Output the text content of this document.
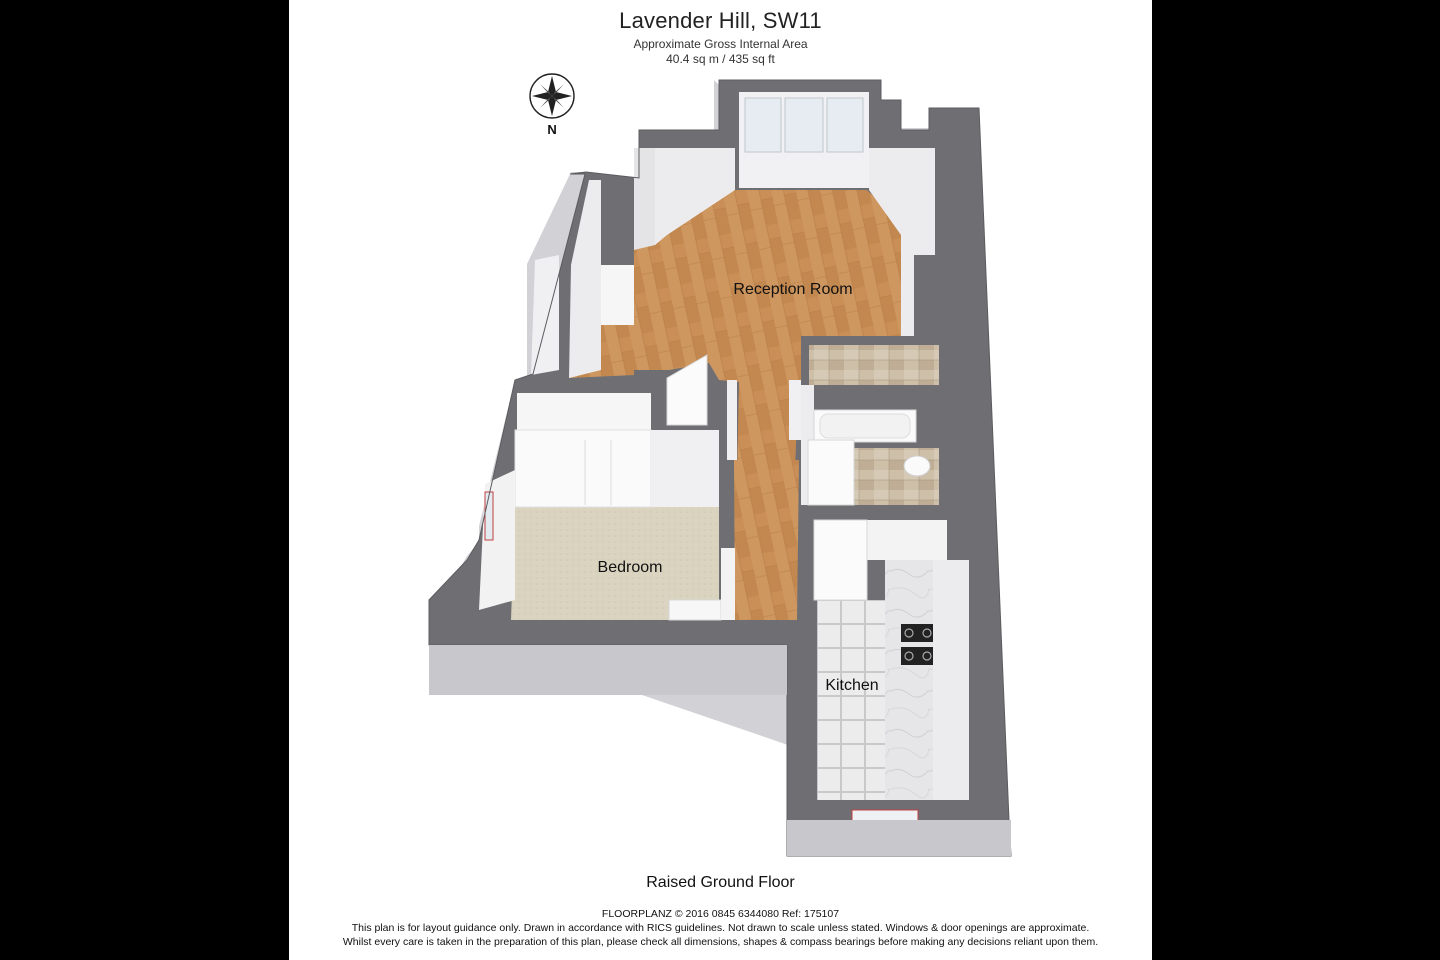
Lavender Hill, SW11
Approximate Gross Internal Area
40.4 sq m / 435 sq ft
Reception Room
Bedroom
Kitchen
N
Raised Ground Floor
FLOORPLANZ © 2016 0845 6344080 Ref: 175107
This plan is for layout guidance only. Drawn in accordance with RICS guidelines. Not drawn to scale unless stated. Windows & door openings are approximate.
Whilst every care is taken in the preparation of this plan, please check all dimensions, shapes & compass bearings before making any decisions reliant upon them.
